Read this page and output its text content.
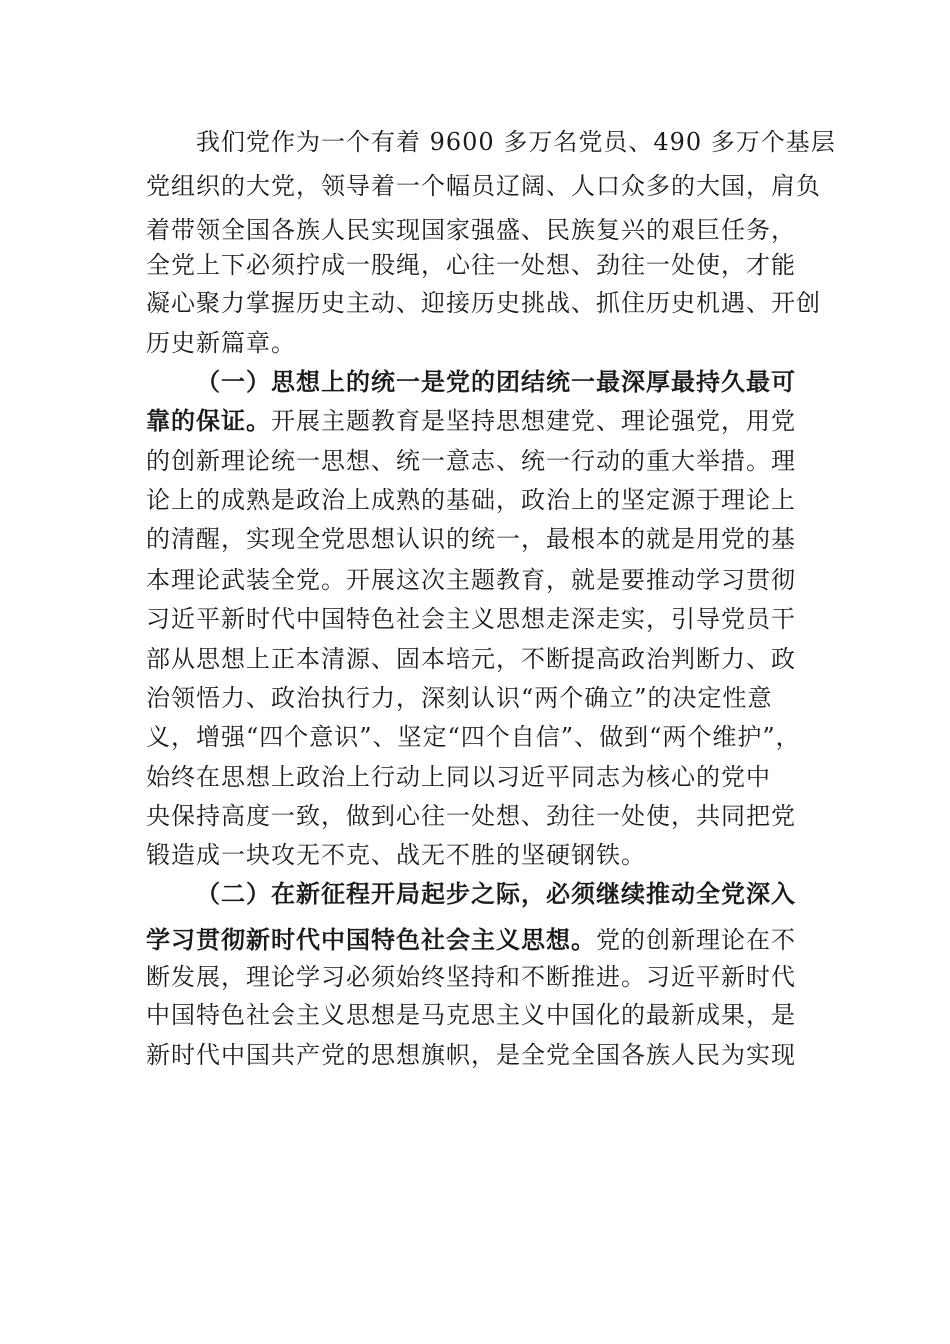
我们党作为一个有着 9600 多万名党员、490 多万个基层
党组织的大党，领导着一个幅员辽阔、人口众多的大国，肩负
着带领全国各族人民实现国家强盛、民族复兴的艰巨任务，
全党上下必须拧成一股绳，心往一处想、劲往一处使，才能
凝心聚力掌握历史主动、迎接历史挑战、抓住历史机遇、开创
历史新篇章。
（一）思想上的统一是党的团结统一最深厚最持久最可
靠的保证。开展主题教育是坚持思想建党、理论强党，用党
的创新理论统一思想、统一意志、统一行动的重大举措。理
论上的成熟是政治上成熟的基础，政治上的坚定源于理论上
的清醒，实现全党思想认识的统一，最根本的就是用党的基
本理论武装全党。开展这次主题教育，就是要推动学习贯彻
习近平新时代中国特色社会主义思想走深走实，引导党员干
部从思想上正本清源、固本培元，不断提高政治判断力、政
治领悟力、政治执行力，深刻认识“两个确立”的决定性意
义，增强“四个意识”、坚定“四个自信”、做到“两个维护”，
始终在思想上政治上行动上同以习近平同志为核心的党中
央保持高度一致，做到心往一处想、劲往一处使，共同把党
锻造成一块攻无不克、战无不胜的坚硬钢铁。
（二）在新征程开局起步之际，必须继续推动全党深入
学习贯彻新时代中国特色社会主义思想。党的创新理论在不
断发展，理论学习必须始终坚持和不断推进。习近平新时代
中国特色社会主义思想是马克思主义中国化的最新成果，是
新时代中国共产党的思想旗帜，是全党全国各族人民为实现
